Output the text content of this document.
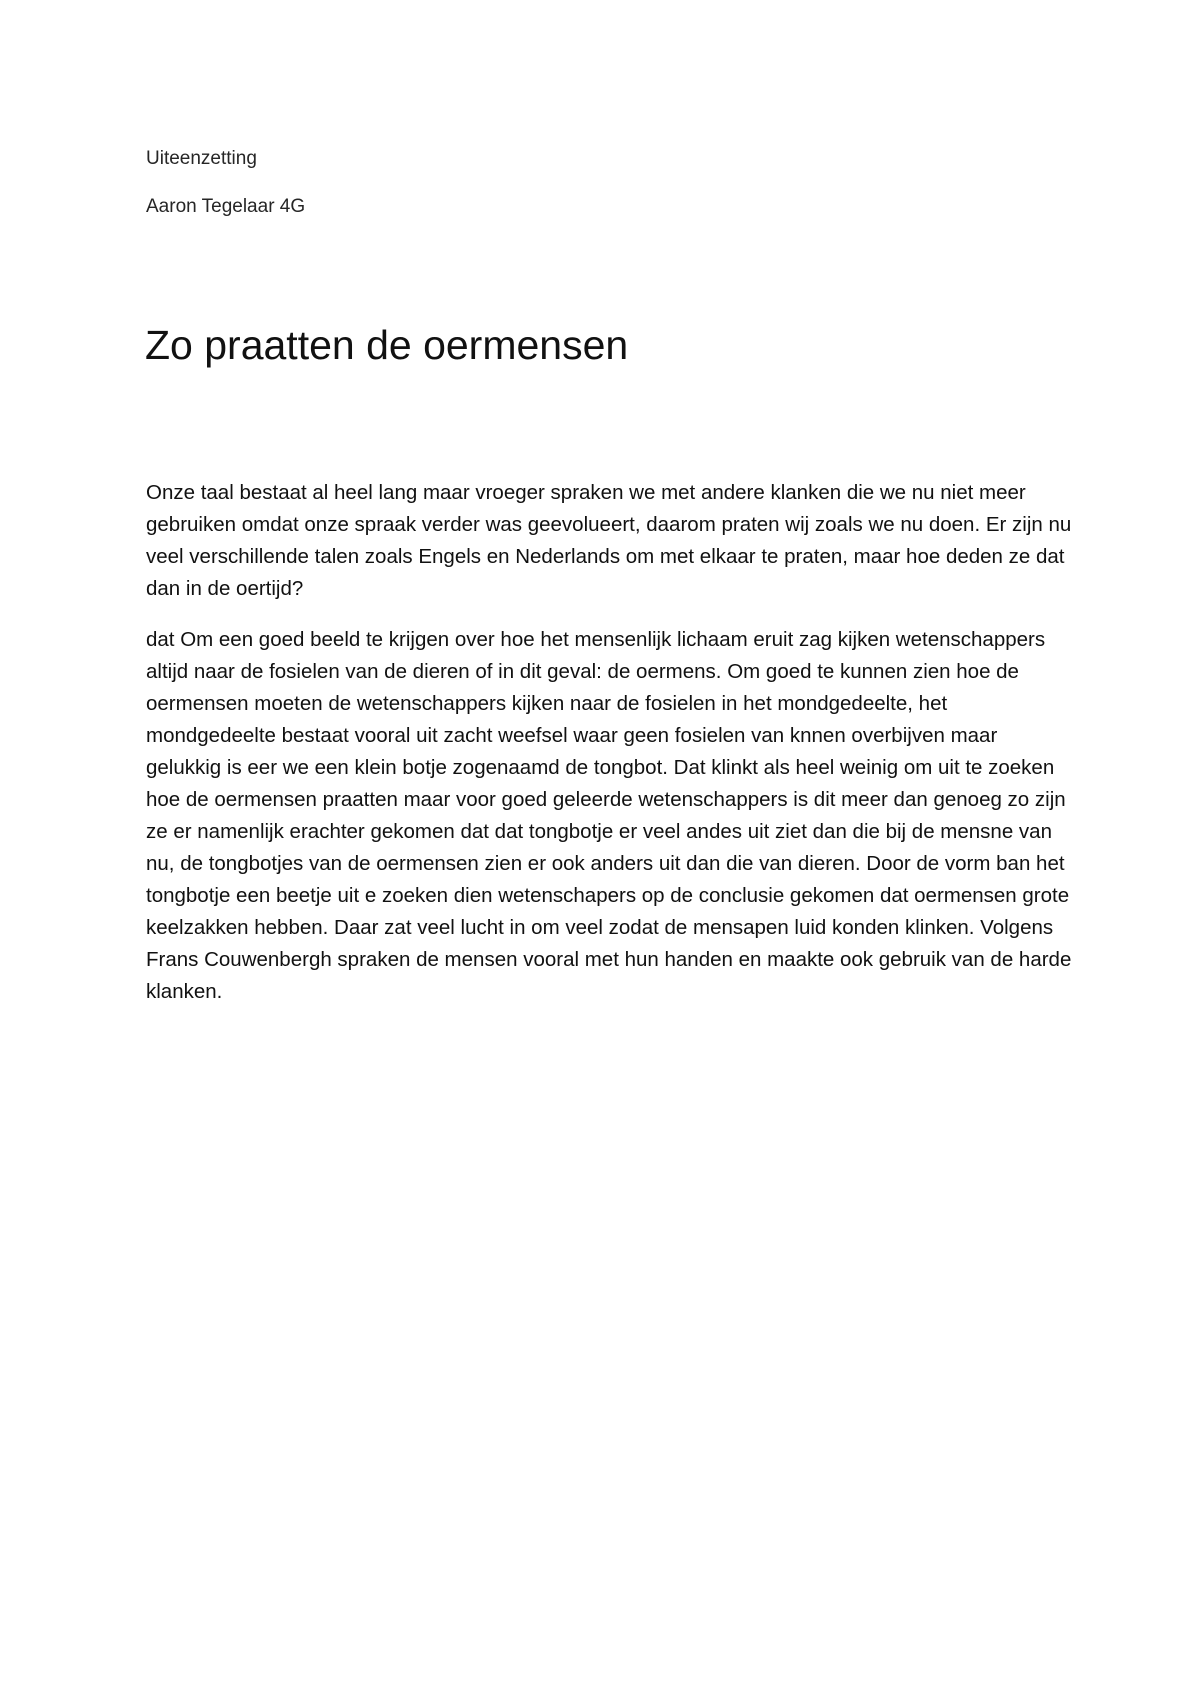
Uiteenzetting
Aaron Tegelaar 4G
Zo praatten de oermensen

Onze taal bestaat al heel lang maar vroeger spraken we met andere klanken die we nu niet meer gebruiken omdat onze spraak verder was geevolueert, daarom praten wij zoals we nu doen. Er zijn nu veel verschillende talen zoals Engels en Nederlands om met elkaar te praten, maar hoe deden ze dat dan in de oertijd?

dat Om een goed beeld te krijgen over hoe het mensenlijk lichaam eruit zag kijken wetenschappers altijd naar de fosielen van de dieren of in dit geval: de oermens. Om goed te kunnen zien hoe de oermensen moeten de wetenschappers kijken naar de fosielen in het mondgedeelte, het mondgedeelte bestaat vooral uit zacht weefsel waar geen fosielen van knnen overbijven maar gelukkig is eer we een klein botje zogenaamd de tongbot. Dat klinkt als heel weinig om uit te zoeken hoe de oermensen praatten maar voor goed geleerde wetenschappers is dit meer dan genoeg zo zijn ze er namenlijk erachter gekomen dat dat tongbotje er veel andes uit ziet dan die bij de mensne van nu, de tongbotjes van de oermensen zien er ook anders uit dan die van dieren. Door de vorm ban het tongbotje een beetje uit e zoeken dien wetenschapers op de conclusie gekomen dat oermensen grote keelzakken hebben. Daar zat veel lucht in om veel zodat de mensapen luid konden klinken. Volgens Frans Couwenbergh spraken de mensen vooral met hun handen en maakte ook gebruik van de harde klanken.
